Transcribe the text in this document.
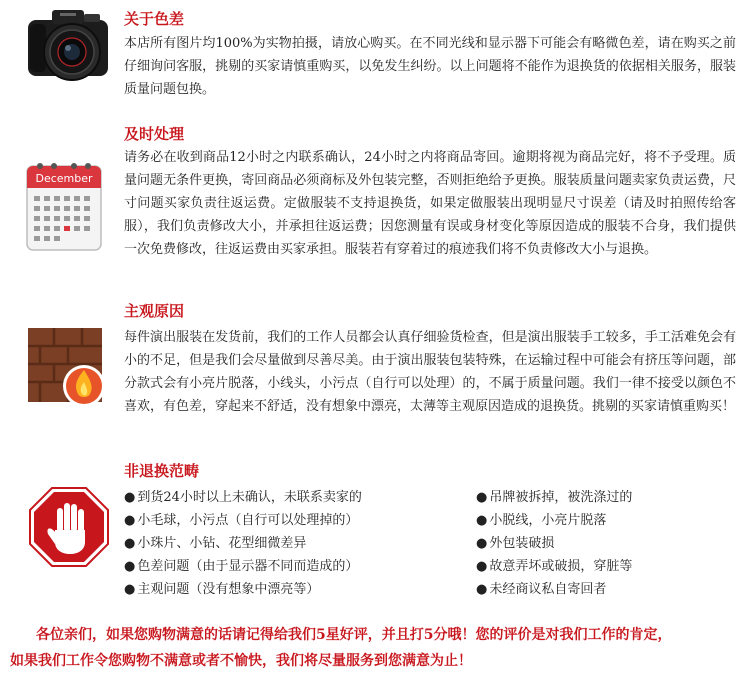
关于色差
本店所有图片均100%为实物拍摄，请放心购买。在不同光线和显示器下可能会有略微色差，请在购买之前仔细询问客服，挑剔的买家请慎重购买，以免发生纠纷。以上问题将不能作为退换货的依据相关服务，服装质量问题包换。
December
及时处理
请务必在收到商品12小时之内联系确认，24小时之内将商品寄回。逾期将视为商品完好，将不予受理。质量问题无条件更换，寄回商品必须商标及外包装完整，否则拒绝给予更换。服装质量问题卖家负责运费，尺寸问题买家负责往返运费。定做服装不支持退换货，如果定做服装出现明显尺寸误差（请及时拍照传给客服），我们负责修改大小，并承担往返运费；因您测量有误或身材变化等原因造成的服装不合身，我们提供一次免费修改，往返运费由买家承担。服装若有穿着过的痕迹我们将不负责修改大小与退换。
主观原因
每件演出服装在发货前，我们的工作人员都会认真仔细验货检查，但是演出服装手工较多，手工活难免会有小的不足，但是我们会尽量做到尽善尽美。由于演出服装包装特殊，在运输过程中可能会有挤压等问题，部分款式会有小亮片脱落，小线头，小污点（自行可以处理）的，不属于质量问题。我们一律不接受以颜色不喜欢，有色差，穿起来不舒适，没有想象中漂亮，太薄等主观原因造成的退换货。挑剔的买家请慎重购买！
非退换范畴
● 到货24小时以上未确认，未联系卖家的
● 小毛球，小污点（自行可以处理掉的）
● 小珠片、小钻、花型细微差异
● 色差问题（由于显示器不同而造成的）
● 主观问题（没有想象中漂亮等）
● 吊牌被拆掉，被洗涤过的
● 小脱线，小亮片脱落
● 外包装破损
● 故意弄坏或破损，穿脏等
● 未经商议私自寄回者
各位亲们，如果您购物满意的话请记得给我们5星好评，并且打5分哦！您的评价是对我们工作的肯定，
如果我们工作令您购物不满意或者不愉快，我们将尽量服务到您满意为止！
